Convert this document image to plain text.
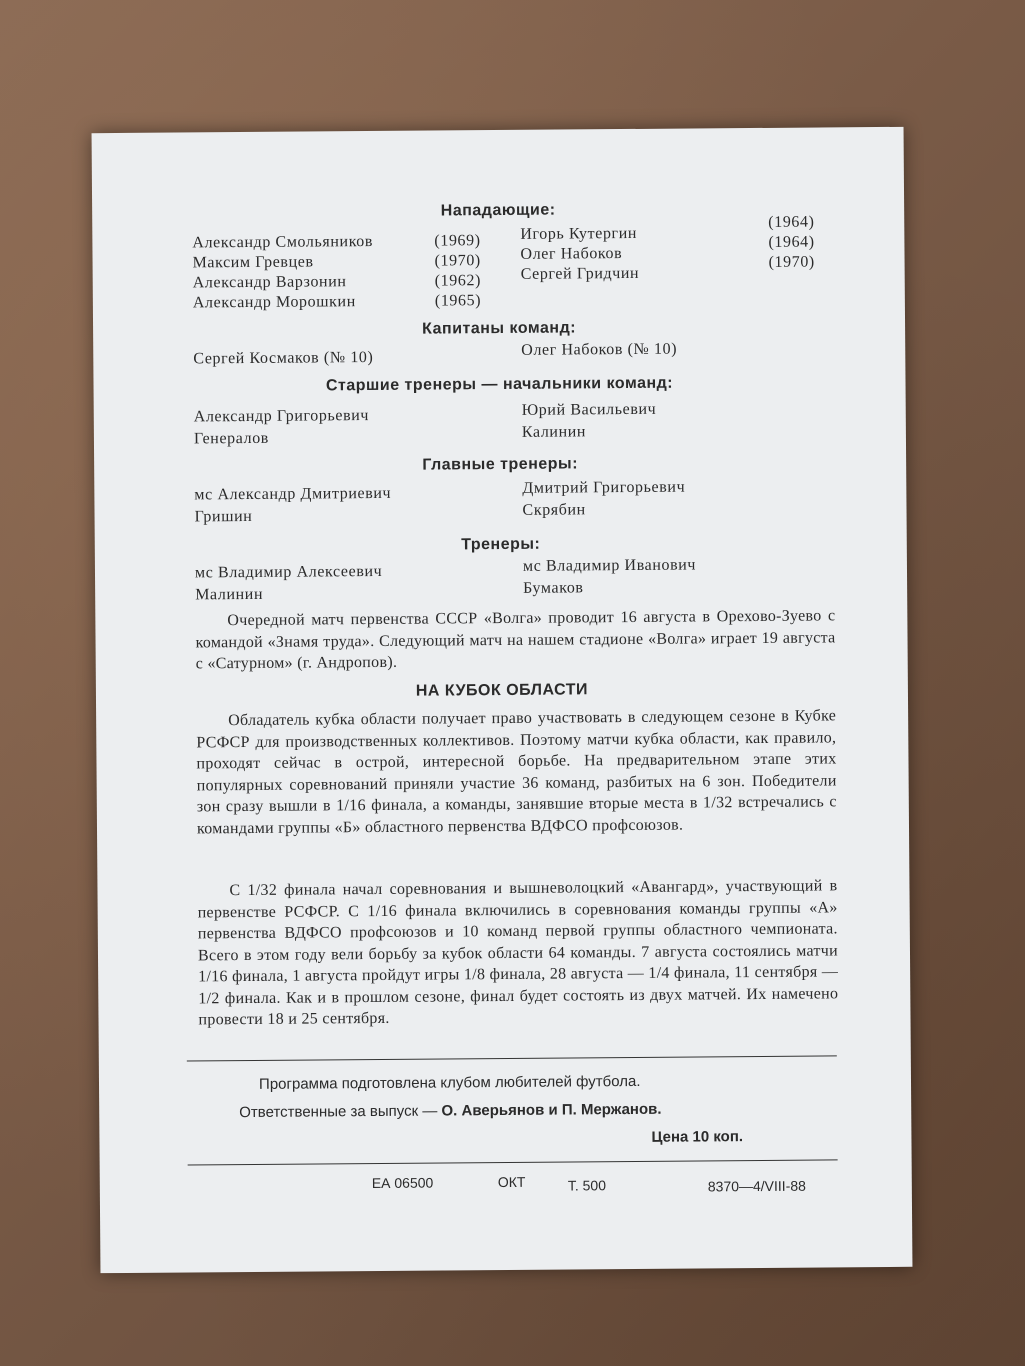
Нападающие:
Александр Смольяников	(1969)
Максим Гревцев	(1970)
Александр Варзонин	(1962)
Александр Морошкин	(1965)
Игорь Кутергин
(1964)
Олег Набоков
(1964)
Сергей Гридчин
(1970)
Капитаны команд:
Сергей Космаков (№ 10)	Олег Набоков (№ 10)
Старшие тренеры — начальники команд:
Александр Григорьевич
Генералов
Юрий Васильевич
Калинин
Главные тренеры:
мс Александр Дмитриевич
Гришин
Дмитрий Григорьевич
Скрябин
Тренеры:
мс Владимир Алексеевич
Малинин
мс Владимир Иванович
Бумаков
Очередной матч первенства СССР «Волга» проводит 16 августа в Орехово-Зуево с командой «Знамя труда». Следующий матч на нашем стадионе «Волга» играет 19 августа с «Сатурном» (г. Андропов).
НА КУБОК ОБЛАСТИ
Обладатель кубка области получает право участвовать в следующем сезоне в Кубке РСФСР для производственных коллективов. Поэтому матчи кубка области, как правило, проходят сейчас в острой, интересной борьбе. На предварительном этапе этих популярных соревнований приняли участие 36 команд, разбитых на 6 зон. Победители зон сразу вышли в 1/16 финала, а команды, занявшие вторые места в 1/32 встречались с командами группы «Б» областного первенства ВДФСО профсоюзов.
С 1/32 финала начал соревнования и вышневолоцкий «Авангард», участвующий в первенстве РСФСР. С 1/16 финала включились в соревнования команды группы «А» первенства ВДФСО профсоюзов и 10 команд первой группы областного чемпионата. Всего в этом году вели борьбу за кубок области 64 команды. 7 августа состоялись матчи 1/16 финала, 1 августа пройдут игры 1/8 финала, 28 августа — 1/4 финала, 11 сентября — 1/2 финала. Как и в прошлом сезоне, финал будет состоять из двух матчей. Их намечено провести 18 и 25 сентября.
Программа подготовлена клубом любителей футбола.
Ответственные за выпуск — О. Аверьянов и П. Мержанов.
Цена 10 коп.
ЕА 06500	ОКТ	Т. 500	8370—4/VIII-88
